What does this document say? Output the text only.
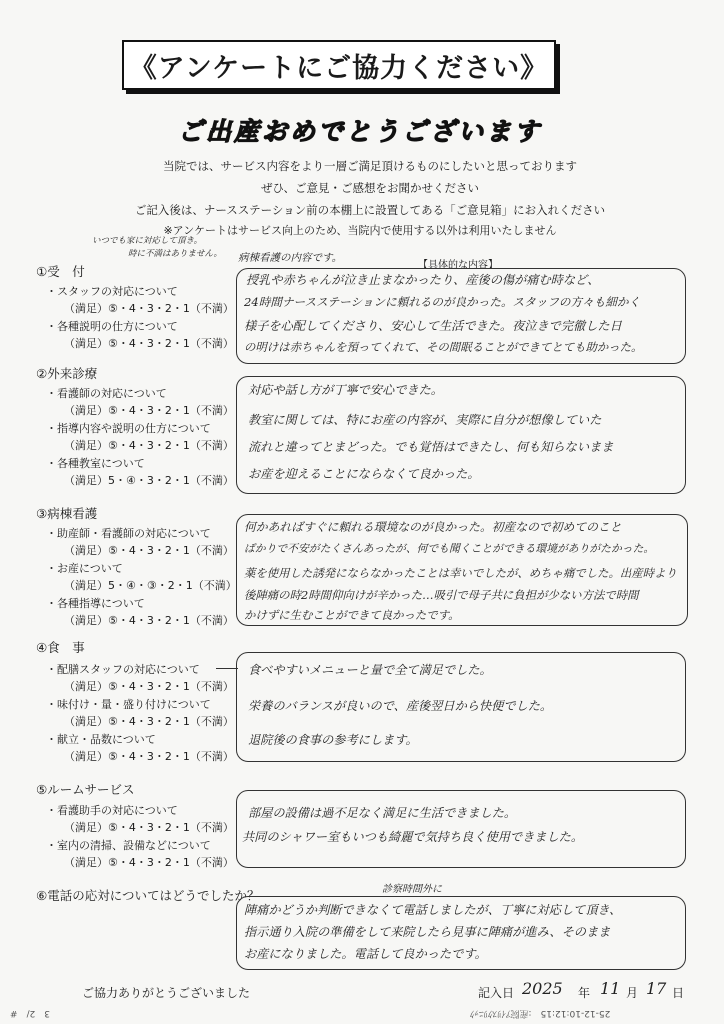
《アンケートにご協力ください》
ご出産おめでとうございます
当院では、サービス内容をより一層ご満足頂けるものにしたいと思っております
ぜひ、ご意見・ご感想をお聞かせください
ご記入後は、ナースステーション前の本棚上に設置してある「ご意見箱」にお入れください
※アンケートはサービス向上のため、当院内で使用する以外は利用いたしません
①受　付
いつでも家に対応して頂き。
時に不満はありません。 病棟看護の内容です。
・スタッフの対応について
（満足）⑤・4・3・2・1（不満）
・各種説明の仕方について
（満足）⑤・4・3・2・1（不満）
【具体的な内容】
授乳や赤ちゃんが泣き止まなかったり、産後の傷が痛む時など、
24時間ナースステーションに頼れるのが良かった。スタッフの方々も細かく
様子を心配してくださり、安心して生活できた。夜泣きで完徹した日
の明けは赤ちゃんを預ってくれて、その間眠ることができてとても助かった。
②外来診療
・看護師の対応について
（満足）⑤・4・3・2・1（不満）
・指導内容や説明の仕方について
（満足）⑤・4・3・2・1（不満）
・各種教室について
（満足）5・④・3・2・1（不満）
対応や話し方が丁寧で安心できた。
教室に関しては、特にお産の内容が、実際に自分が想像していた
流れと違ってとまどった。でも覚悟はできたし、何も知らないまま
お産を迎えることにならなくて良かった。
③病棟看護
・助産師・看護師の対応について
（満足）⑤・4・3・2・1（不満）
・お産について
（満足）5・④・③・2・1（不満）
・各種指導について
（満足）⑤・4・3・2・1（不満）
何かあればすぐに頼れる環境なのが良かった。初産なので初めてのこと
ばかりで不安がたくさんあったが、何でも聞くことができる環境がありがたかった。
薬を使用した誘発にならなかったことは幸いでしたが、めちゃ痛でした。出産時より
後陣痛の時2時間仰向けが辛かった…吸引で母子共に負担が少ない方法で時間
かけずに生むことができて良かったです。
④食　事
・配膳スタッフの対応について
（満足）⑤・4・3・2・1（不満）
・味付け・量・盛り付けについて
（満足）⑤・4・3・2・1（不満）
・献立・品数について
（満足）⑤・4・3・2・1（不満）
食べやすいメニューと量で全て満足でした。
栄養のバランスが良いので、産後翌日から快便でした。
退院後の食事の参考にします。
⑤ルームサービス
・看護助手の対応について
（満足）⑤・4・3・2・1（不満）
・室内の清掃、設備などについて
（満足）⑤・4・3・2・1（不満）
部屋の設備は過不足なく満足に生活できました。
共同のシャワー室もいつも綺麗で気持ち良く使用できました。
⑥電話の応対についてはどうでしたか？	診察時間外に
陣痛かどうか判断できなくて電話しましたが、丁寧に対応して頂き、
指示通り入院の準備をして来院したら見事に陣痛が進み、そのまま
お産になりました。電話して良かったです。
ご協力ありがとうございました	記入日 2025 年 11 月 17 日
3　2/　#	25-12-10:12:15　:産院ｱｲﾘｽｸﾘﾆｯｸ
